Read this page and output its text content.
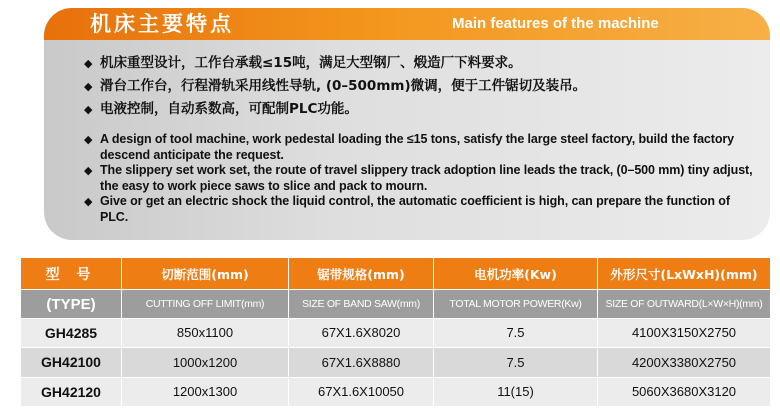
机床主要特点	Main features of the machine
◆ 机床重型设计，工作台承载≤15吨，满足大型钢厂、煅造厂下料要求。
◆ 滑台工作台，行程滑轨采用线性导轨, (0–500mm)微调，便于工件锯切及装吊。
◆ 电液控制，自动系数高，可配制PLC功能。
◆ A design of tool machine, work pedestal loading the ≤15 tons, satisfy the large steel factory, build the factory descend anticipate the request.
◆ The slippery set work set, the route of travel slippery track adoption line leads the track, (0–500 mm) tiny adjust, the easy to work piece saws to slice and pack to mourn.
◆ Give or get an electric shock the liquid control, the automatic coefficient is high, can prepare the function of PLC.
型 号	切断范围(mm)	锯带规格(mm)	电机功率(Kw)	外形尺寸(LxWxH)(mm)
(TYPE)	CUTTING OFF LIMIT(mm)	SIZE OF BAND SAW(mm)	TOTAL MOTOR POWER(Kw)	SIZE OF OUTWARD(L×W×H)(mm)
GH4285	850x1100	67X1.6X8020	7.5	4100X3150X2750
GH42100	1000x1200	67X1.6X8880	7.5	4200X3380X2750
GH42120	1200x1300	67X1.6X10050	11(15)	5060X3680X3120
